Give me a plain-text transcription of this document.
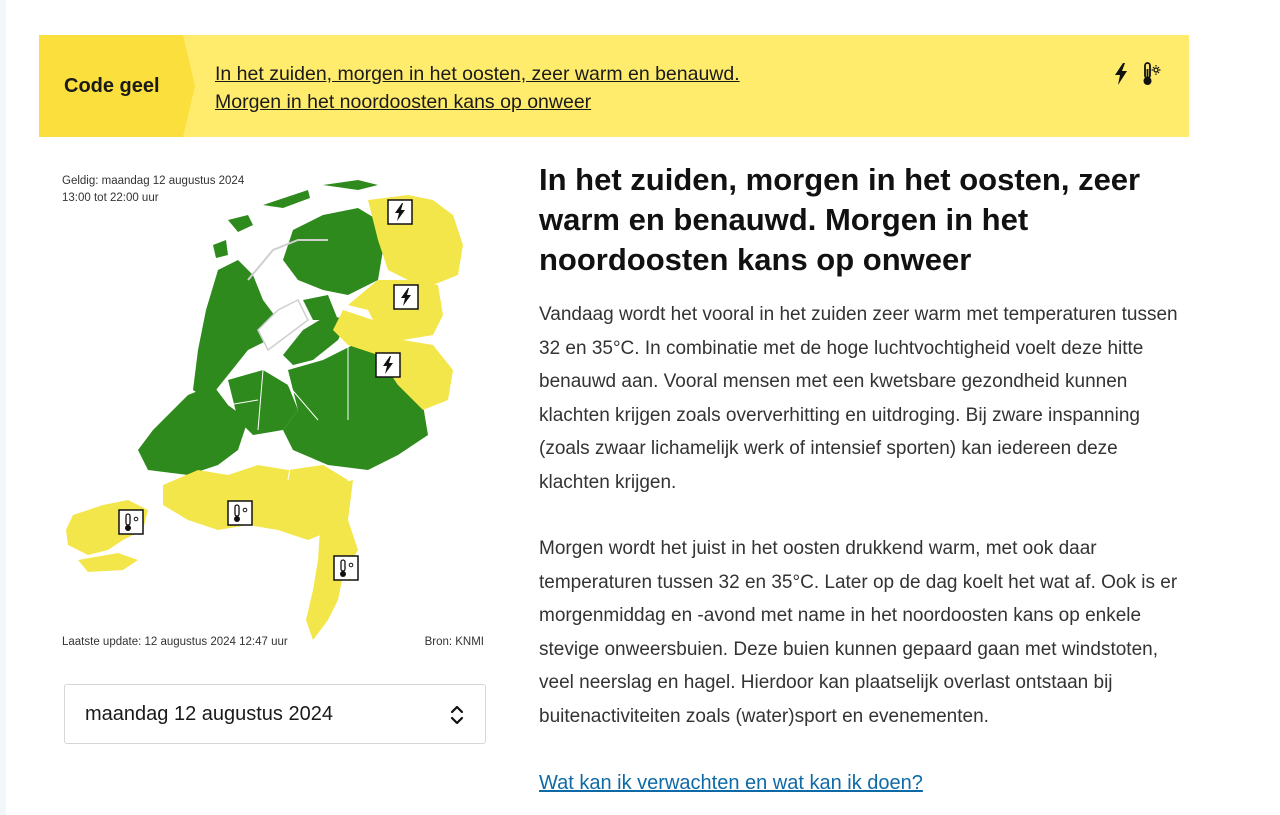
Code geel
In het zuiden, morgen in het oosten, zeer warm en benauwd.
Morgen in het noordoosten kans op onweer
Geldig: maandag 12 augustus 2024
13:00 tot 22:00 uur
Laatste update: 12 augustus 2024 12:47 uur	Bron: KNMI
maandag 12 augustus 2024
In het zuiden, morgen in het oosten, zeer warm en benauwd. Morgen in het noordoosten kans op onweer

Vandaag wordt het vooral in het zuiden zeer warm met temperaturen tussen 32 en 35°C. In combinatie met de hoge luchtvochtigheid voelt deze hitte benauwd aan. Vooral mensen met een kwetsbare gezondheid kunnen klachten krijgen zoals oververhitting en uitdroging. Bij zware inspanning (zoals zwaar lichamelijk werk of intensief sporten) kan iedereen deze klachten krijgen.

Morgen wordt het juist in het oosten drukkend warm, met ook daar temperaturen tussen 32 en 35°C. Later op de dag koelt het wat af. Ook is er morgenmiddag en -avond met name in het noordoosten kans op enkele stevige onweersbuien. Deze buien kunnen gepaard gaan met windstoten, veel neerslag en hagel. Hierdoor kan plaatselijk overlast ontstaan bij buitenactiviteiten zoals (water)sport en evenementen.

Wat kan ik verwachten en wat kan ik doen?
